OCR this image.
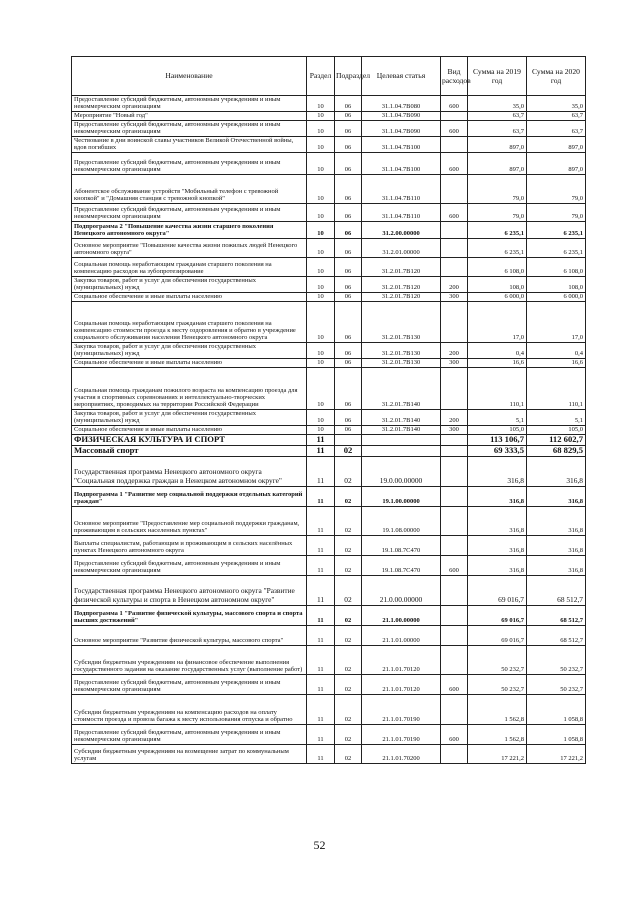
Наименование	Раздел	Подраздел	Целевая статья	Вид расходов	Сумма на 2019 год	Сумма на 2020 год
Предоставление субсидий бюджетным, автономным учреждениям и иным некоммерческим организациям	10	06	31.1.04.7В080	600	35,0	35,0
Мероприятие "Новый год"	10	06	31.1.04.7В090		63,7	63,7
Предоставление субсидий бюджетным, автономным учреждениям и иным некоммерческим организациям	10	06	31.1.04.7В090	600	63,7	63,7
Чествование в дни воинской славы участников Великой Отечественной войны, вдов погибших	10	06	31.1.04.7В100		897,0	897,0
Предоставление субсидий бюджетным, автономным учреждениям и иным некоммерческим организациям	10	06	31.1.04.7В100	600	897,0	897,0
Абонентское обслуживание устройств "Мобильный телефон с тревожной кнопкой" и "Домашняя станция с тревожной кнопкой"	10	06	31.1.04.7В110		79,0	79,0
Предоставление субсидий бюджетным, автономным учреждениям и иным некоммерческим организациям	10	06	31.1.04.7В110	600	79,0	79,0
Подпрограмма 2 "Повышение качества жизни старшего поколения Ненецкого автономного округа"	10	06	31.2.00.00000		6 235,1	6 235,1
Основное мероприятие "Повышение качества жизни пожилых людей Ненецкого автономного округа"	10	06	31.2.01.00000		6 235,1	6 235,1
Социальная помощь неработающим гражданам старшего поколения на компенсацию расходов на зубопротезирование	10	06	31.2.01.7В120		6 108,0	6 108,0
Закупка товаров, работ и услуг для обеспечения государственных (муниципальных) нужд	10	06	31.2.01.7В120	200	108,0	108,0
Социальное обеспечение и иные выплаты населению	10	06	31.2.01.7В120	300	6 000,0	6 000,0
Социальная помощь неработающим гражданам старшего поколения на компенсацию стоимости проезда к месту оздоровления и обратно в учреждение социального обслуживания населения Ненецкого автономного округа	10	06	31.2.01.7В130		17,0	17,0
Закупка товаров, работ и услуг для обеспечения государственных (муниципальных) нужд	10	06	31.2.01.7В130	200	0,4	0,4
Социальное обеспечение и иные выплаты населению	10	06	31.2.01.7В130	300	16,6	16,6
Социальная помощь гражданам пожилого возраста на компенсацию проезда для участия в спортивных соревнованиях и интеллектуально-творческих мероприятиях, проводимых на территории Российской Федерации	10	06	31.2.01.7В140		110,1	110,1
Закупка товаров, работ и услуг для обеспечения государственных (муниципальных) нужд	10	06	31.2.01.7В140	200	5,1	5,1
Социальное обеспечение и иные выплаты населению	10	06	31.2.01.7В140	300	105,0	105,0
ФИЗИЧЕСКАЯ КУЛЬТУРА И СПОРТ	11				113 106,7	112 602,7
Массовый спорт	11	02			69 333,5	68 829,5
Государственная программа Ненецкого автономного округа "Социальная поддержка граждан в Ненецком автономном округе"	11	02	19.0.00.00000		316,8	316,8
Подпрограмма 1 "Развитие мер социальной поддержки отдельных категорий граждан"	11	02	19.1.00.00000		316,8	316,8
Основное мероприятие "Предоставление мер социальной поддержки гражданам, проживающим в сельских населенных пунктах"	11	02	19.1.08.00000		316,8	316,8
Выплаты специалистам, работающим и проживающим в сельских населённых пунктах Ненецкого автономного округа	11	02	19.1.08.7С470		316,8	316,8
Предоставление субсидий бюджетным, автономным учреждениям и иным некоммерческим организациям	11	02	19.1.08.7С470	600	316,8	316,8
Государственная программа Ненецкого автономного округа "Развитие физической культуры и спорта в Ненецком автономном округе"	11	02	21.0.00.00000		69 016,7	68 512,7
Подпрограмма 1 "Развитие физической культуры, массового спорта и спорта высших достижений"	11	02	21.1.00.00000		69 016,7	68 512,7
Основное мероприятие "Развитие физической культуры, массового спорта"	11	02	21.1.01.00000		69 016,7	68 512,7
Субсидии бюджетным учреждениям на финансовое обеспечение выполнения государственного задания на оказание государственных услуг (выполнение работ)	11	02	21.1.01.70120		50 232,7	50 232,7
Предоставление субсидий бюджетным, автономным учреждениям и иным некоммерческим организациям	11	02	21.1.01.70120	600	50 232,7	50 232,7
Субсидии бюджетным учреждениям на компенсацию расходов на оплату стоимости проезда и провоза багажа к месту использования отпуска и обратно	11	02	21.1.01.70190		1 562,8	1 058,8
Предоставление субсидий бюджетным, автономным учреждениям и иным некоммерческим организациям	11	02	21.1.01.70190	600	1 562,8	1 058,8
Субсидии бюджетным учреждениям на возмещение затрат по коммунальным услугам	11	02	21.1.01.70200		17 221,2	17 221,2
52
